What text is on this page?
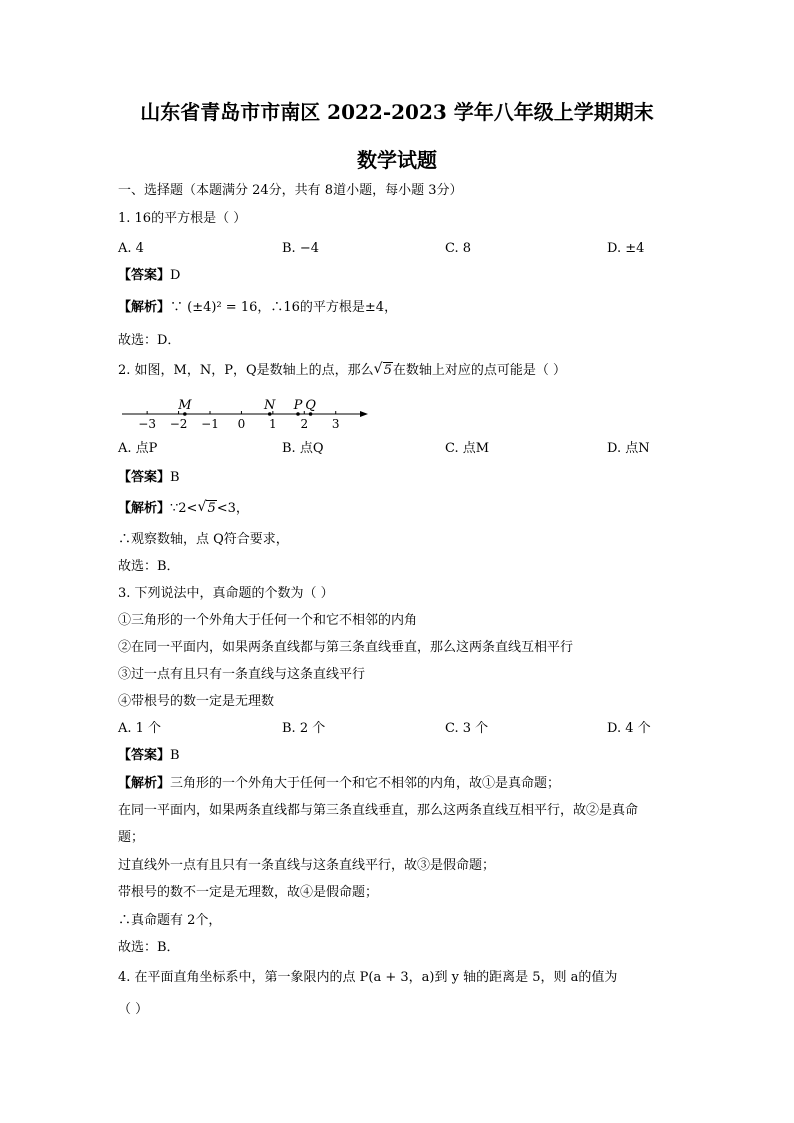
山东省青岛市市南区 2022-2023 学年八年级上学期期末
数学试题
一、选择题（本题满分 24分，共有 8道小题，每小题 3分）
1. 16的平方根是（ ）
A. 4	B. −4	C. 8	D. ±4
【答案】D
【解析】∵ (±4)² = 16，∴16的平方根是±4，
故选：D．
2. 如图，M，N，P，Q是数轴上的点，那么 √ 5在数轴上对应的点可能是（ ）
−3 −2 −1 0 1 2 3
M	N P Q
A. 点P	B. 点Q	C. 点M	D. 点N
【答案】B
【解析】∵2< √ 5<3，
∴观察数轴，点 Q符合要求，
故选：B．
3. 下列说法中，真命题的个数为（ ）
①三角形的一个外角大于任何一个和它不相邻的内角
②在同一平面内，如果两条直线都与第三条直线垂直，那么这两条直线互相平行
③过一点有且只有一条直线与这条直线平行
④带根号的数一定是无理数
A. 1 个	B. 2 个	C. 3 个	D. 4 个
【答案】B
【解析】三角形的一个外角大于任何一个和它不相邻的内角，故①是真命题；
在同一平面内，如果两条直线都与第三条直线垂直，那么这两条直线互相平行，故②是真命
题；
过直线外一点有且只有一条直线与这条直线平行，故③是假命题；
带根号的数不一定是无理数，故④是假命题；
∴真命题有 2个，
故选：B．
4. 在平面直角坐标系中，第一象限内的点 P(a + 3，a)到 y 轴的距离是 5，则 a的值为
（ ）
